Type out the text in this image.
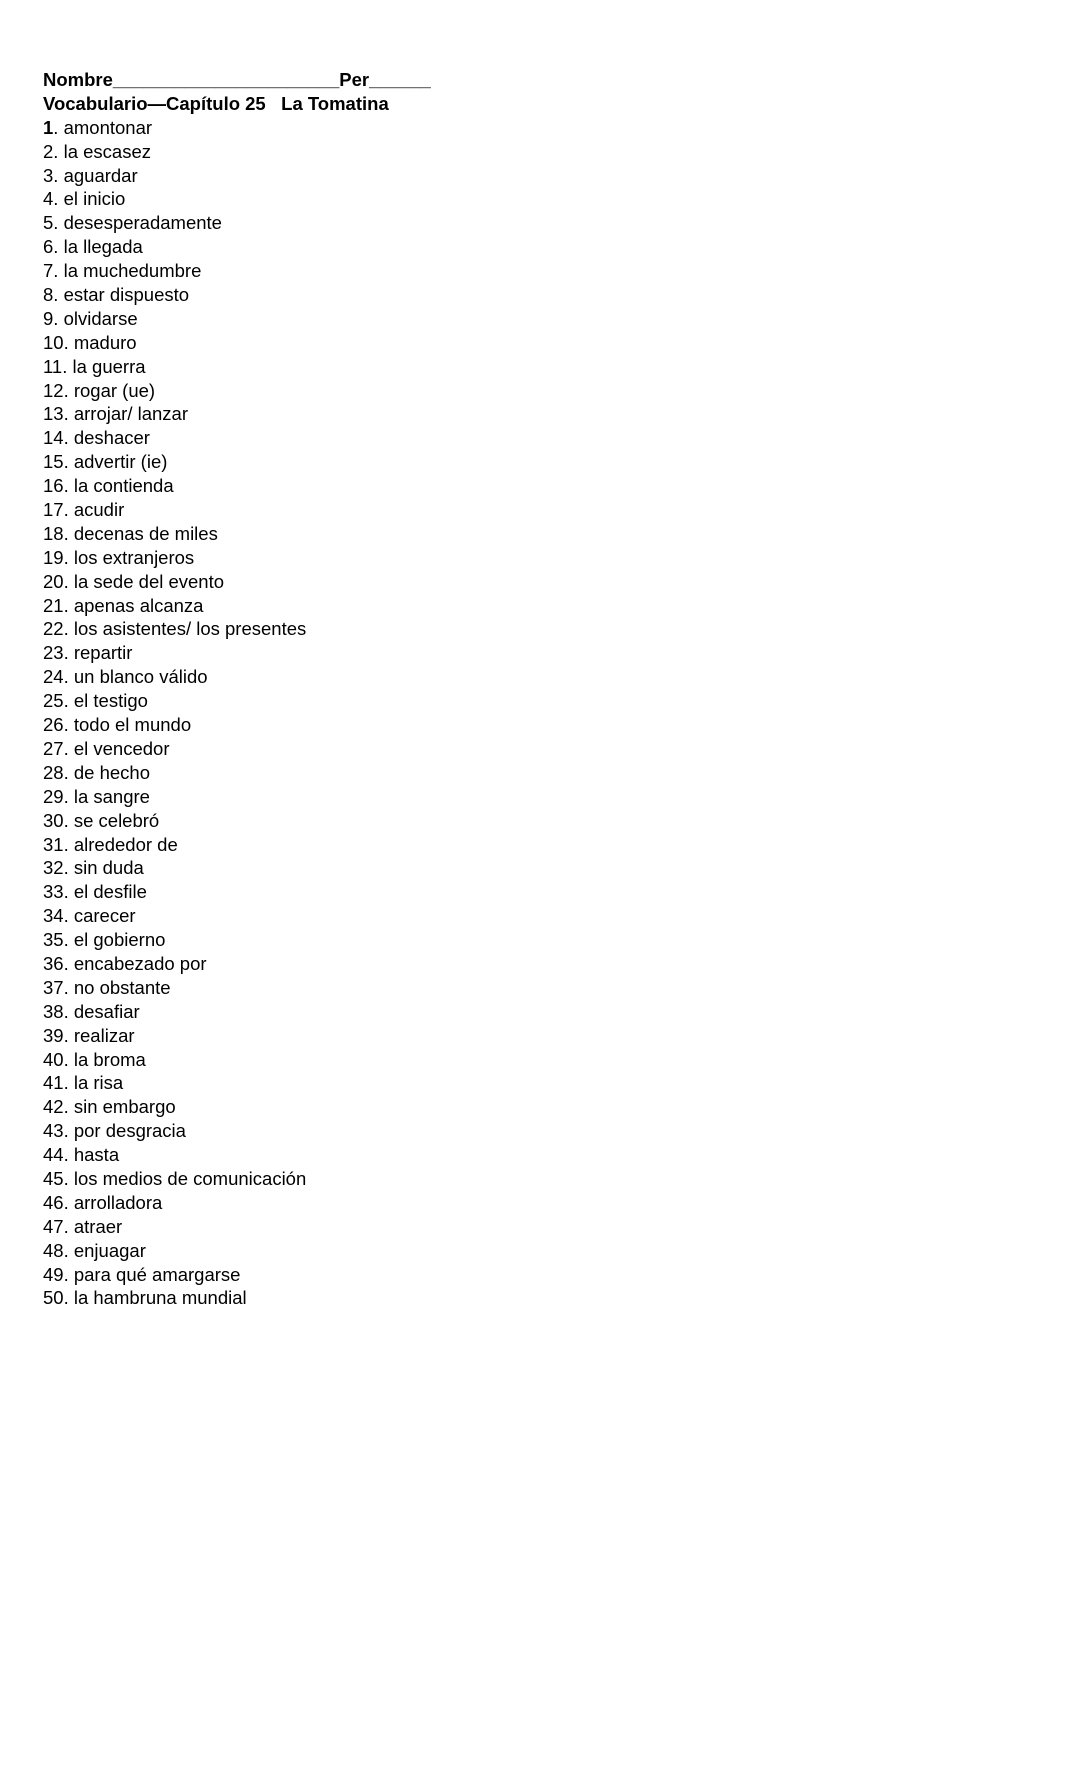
Nombre______________________Per______
Vocabulario—Capítulo 25   La Tomatina
1. amontonar
2. la escasez
3. aguardar
4. el inicio
5. desesperadamente
6. la llegada
7. la muchedumbre
8. estar dispuesto
9. olvidarse
10. maduro
11. la guerra
12. rogar (ue)
13. arrojar/ lanzar
14. deshacer
15. advertir (ie)
16. la contienda
17. acudir
18. decenas de miles
19. los extranjeros
20. la sede del evento
21. apenas alcanza
22. los asistentes/ los presentes
23. repartir
24. un blanco válido
25. el testigo
26. todo el mundo
27. el vencedor
28. de hecho
29. la sangre
30. se celebró
31. alrededor de
32. sin duda
33. el desfile
34. carecer
35. el gobierno
36. encabezado por
37. no obstante
38. desafiar
39. realizar
40. la broma
41. la risa
42. sin embargo
43. por desgracia
44. hasta
45. los medios de comunicación
46. arrolladora
47. atraer
48. enjuagar
49. para qué amargarse
50. la hambruna mundial
